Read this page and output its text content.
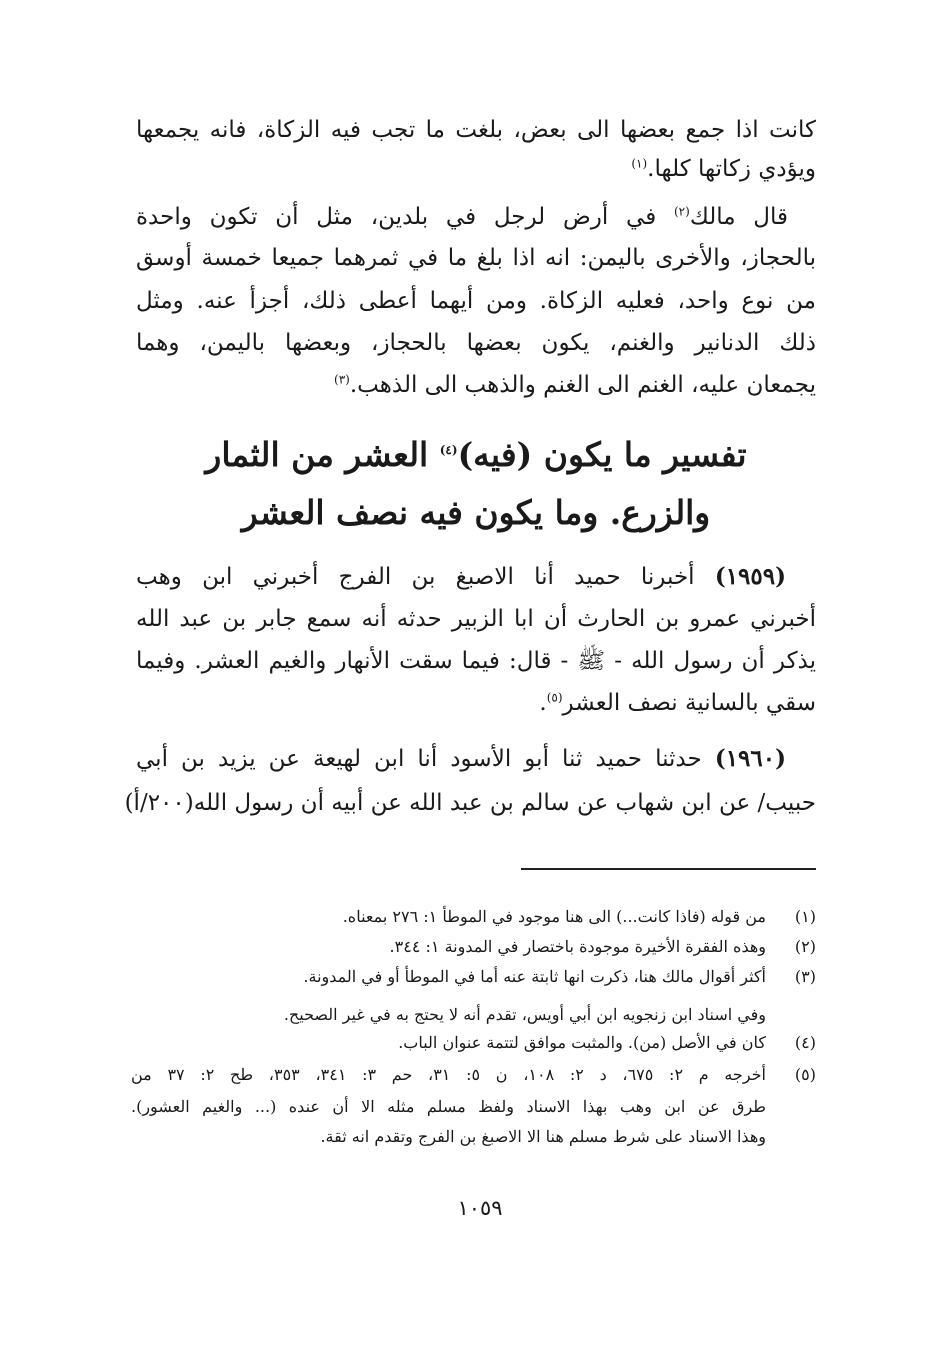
كانت اذا جمع بعضها الى بعض، بلغت ما تجب فيه الزكاة، فانه يجمعها
ويؤدي زكاتها كلها.$^{(١)}$
قال مالك$^{(٢)}$ في أرض لرجل في بلدين، مثل أن تكون واحدة
بالحجاز، والأخرى باليمن: انه اذا بلغ ما في ثمرهما جميعا خمسة أوسق
من نوع واحد، فعليه الزكاة. ومن أيهما أعطى ذلك، أجزأ عنه. ومثل
ذلك الدنانير والغنم، يكون بعضها بالحجاز، وبعضها باليمن، وهما
يجمعان عليه، الغنم الى الغنم والذهب الى الذهب.$^{(٣)}$
تفسير ما يكون (فيه)$^{(٤)}$ العشر من الثمار
والزرع. وما يكون فيه نصف العشر
(١٩٥٩) أخبرنا حميد أنا الاصبغ بن الفرج أخبرني ابن وهب
أخبرني عمرو بن الحارث أن ابا الزبير حدثه أنه سمع جابر بن عبد الله
يذكر أن رسول الله - ﷺ - قال: فيما سقت الأنهار والغيم العشر. وفيما
سقي بالسانية نصف العشر$^{(٥)}$.
(١٩٦٠) حدثنا حميد ثنا أبو الأسود أنا ابن لهيعة عن يزيد بن أبي
حبيب/ عن ابن شهاب عن سالم بن عبد الله عن أبيه أن رسول الله(٢٠٠/أ)
(١)
من قوله (فاذا كانت...) الى هنا موجود في الموطأ ١: ٢٧٦ بمعناه.
(٢)
وهذه الفقرة الأخيرة موجودة باختصار في المدونة ١: ٣٤٤.
(٣)
أكثر أقوال مالك هنا، ذكرت انها ثابتة عنه أما في الموطأ أو في المدونة.
وفي اسناد ابن زنجويه ابن أبي أويس، تقدم أنه لا يحتج به في غير الصحيح.
(٤)
كان في الأصل (من). والمثبت موافق لتتمة عنوان الباب.
(٥)
أخرجه م ٢: ٦٧٥، د ٢: ١٠٨، ن ٥: ٣١، حم ٣: ٣٤١، ٣٥٣، طح ٢: ٣٧ من
طرق عن ابن وهب بهذا الاسناد ولفظ مسلم مثله الا أن عنده (... والغيم العشور).
وهذا الاسناد على شرط مسلم هنا الا الاصبغ بن الفرج وتقدم انه ثقة.
١٠٥٩
